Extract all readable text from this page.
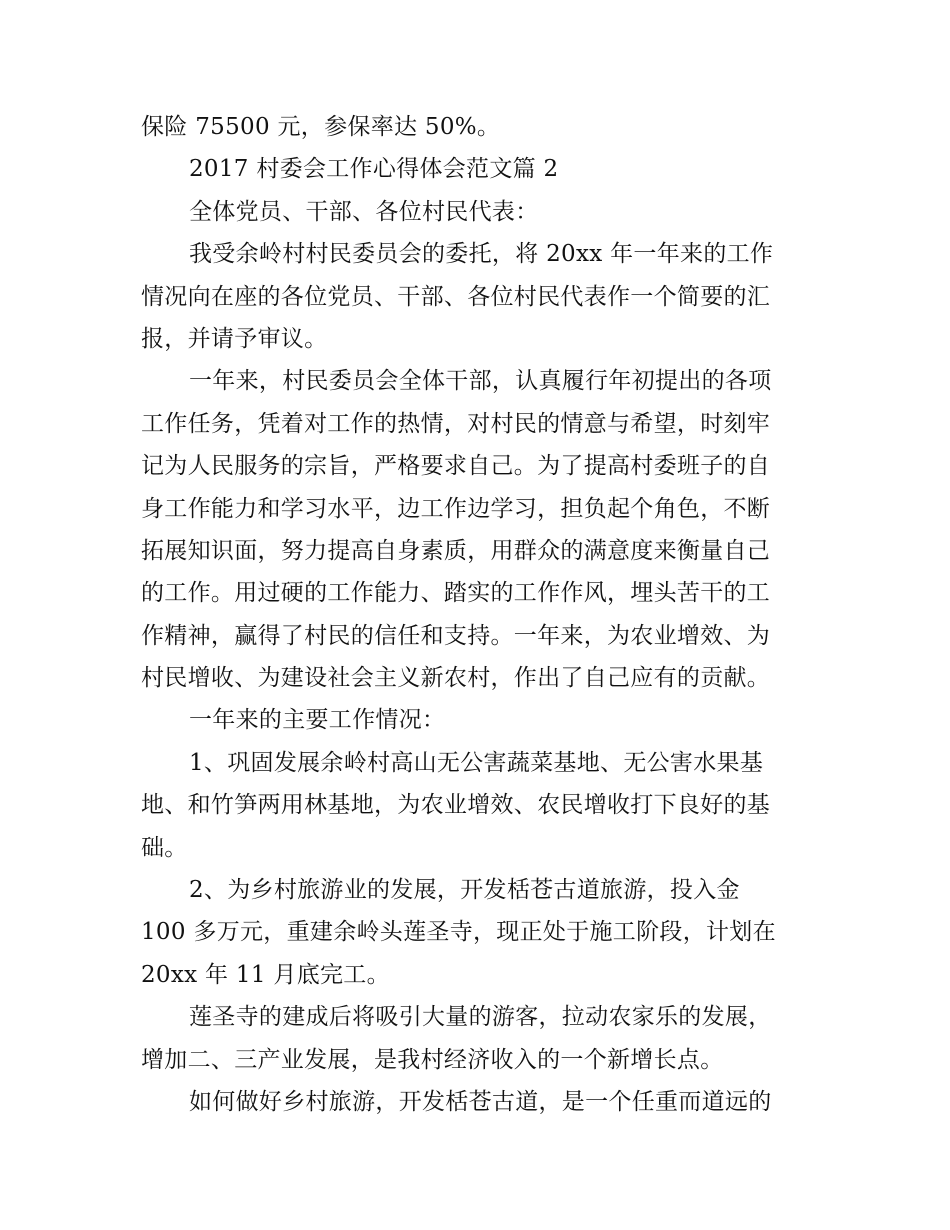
保险 75500 元，参保率达 50%。
2017 村委会工作心得体会范文篇 2
全体党员、干部、各位村民代表：
我受余岭村村民委员会的委托，将 20xx 年一年来的工作
情况向在座的各位党员、干部、各位村民代表作一个简要的汇
报，并请予审议。
一年来，村民委员会全体干部，认真履行年初提出的各项
工作任务，凭着对工作的热情，对村民的情意与希望，时刻牢
记为人民服务的宗旨，严格要求自己。为了提高村委班子的自
身工作能力和学习水平，边工作边学习，担负起个角色，不断
拓展知识面，努力提高自身素质，用群众的满意度来衡量自己
的工作。用过硬的工作能力、踏实的工作作风，埋头苦干的工
作精神，赢得了村民的信任和支持。一年来，为农业增效、为
村民增收、为建设社会主义新农村，作出了自己应有的贡献。
一年来的主要工作情况：
1、巩固发展余岭村高山无公害蔬菜基地、无公害水果基
地、和竹笋两用林基地，为农业增效、农民增收打下良好的基
础。
2、为乡村旅游业的发展，开发栝苍古道旅游，投入金
100 多万元，重建余岭头莲圣寺，现正处于施工阶段，计划在
20xx 年 11 月底完工。
莲圣寺的建成后将吸引大量的游客，拉动农家乐的发展，
增加二、三产业发展，是我村经济收入的一个新增长点。
如何做好乡村旅游，开发栝苍古道，是一个任重而道远的
